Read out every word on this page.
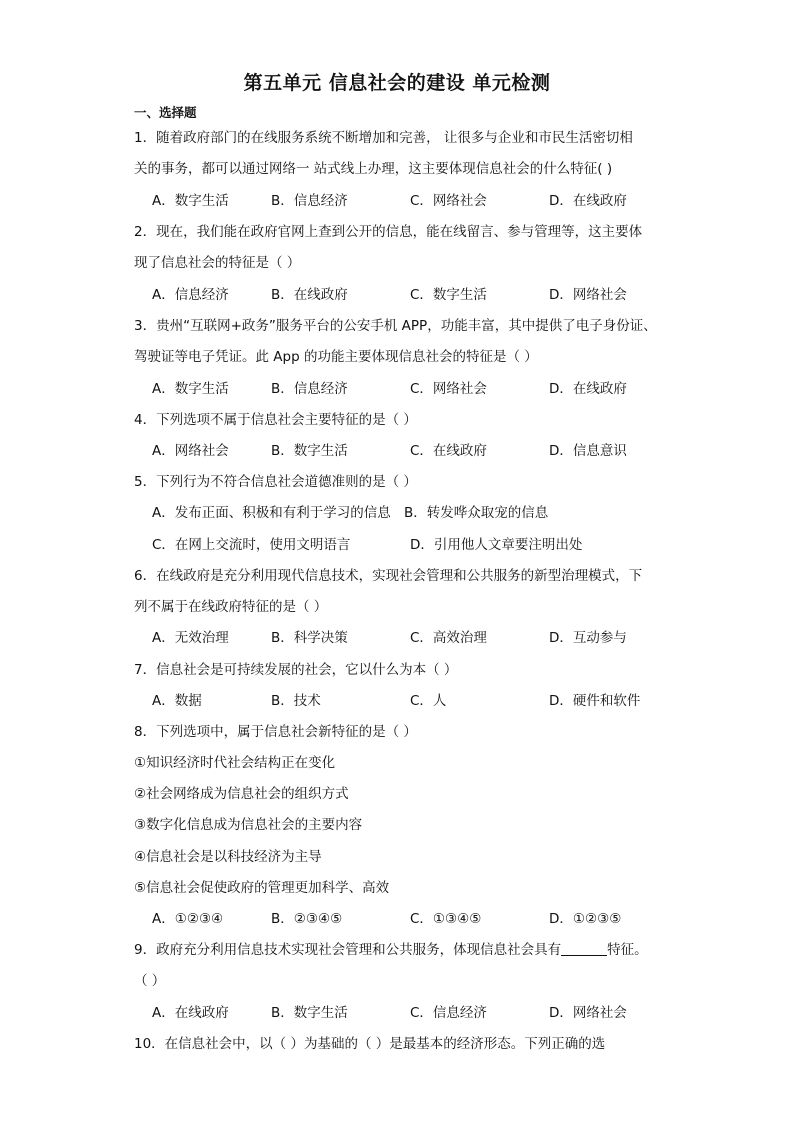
第五单元 信息社会的建设 单元检测
一、选择题
1．随着政府部门的在线服务系统不断增加和完善， 让很多与企业和市民生活密切相
关的事务，都可以通过网络一 站式线上办理，这主要体现信息社会的什么特征( )
A．数字生活	B．信息经济	C．网络社会	D．在线政府
2．现在，我们能在政府官网上查到公开的信息，能在线留言、参与管理等，这主要体
现了信息社会的特征是（ ）
A．信息经济	B．在线政府	C．数字生活	D．网络社会
3．贵州“互联网+政务”服务平台的公安手机 APP，功能丰富，其中提供了电子身份证、
驾驶证等电子凭证。此 App 的功能主要体现信息社会的特征是（ ）
A．数字生活	B．信息经济	C．网络社会	D．在线政府
4．下列选项不属于信息社会主要特征的是（ ）
A．网络社会	B．数字生活	C．在线政府	D．信息意识
5．下列行为不符合信息社会道德准则的是（ ）
A．发布正面、积极和有利于学习的信息 B．转发哗众取宠的信息
C．在网上交流时，使用文明语言	D．引用他人文章要注明出处
6．在线政府是充分利用现代信息技术，实现社会管理和公共服务的新型治理模式，下
列不属于在线政府特征的是（ ）
A．无效治理	B．科学决策	C．高效治理	D．互动参与
7．信息社会是可持续发展的社会，它以什么为本（ ）
A．数据	B．技术	C．人	D．硬件和软件
8．下列选项中，属于信息社会新特征的是（ ）
①知识经济时代社会结构正在变化
②社会网络成为信息社会的组织方式
③数字化信息成为信息社会的主要内容
④信息社会是以科技经济为主导
⑤信息社会促使政府的管理更加科学、高效
A．①②③④	B．②③④⑤	C．①③④⑤	D．①②③⑤
9．政府充分利用信息技术实现社会管理和公共服务，体现信息社会具有	特征。
（ ）
A．在线政府	B．数字生活	C．信息经济	D．网络社会
10．在信息社会中，以（ ）为基础的（ ）是最基本的经济形态。下列正确的选
